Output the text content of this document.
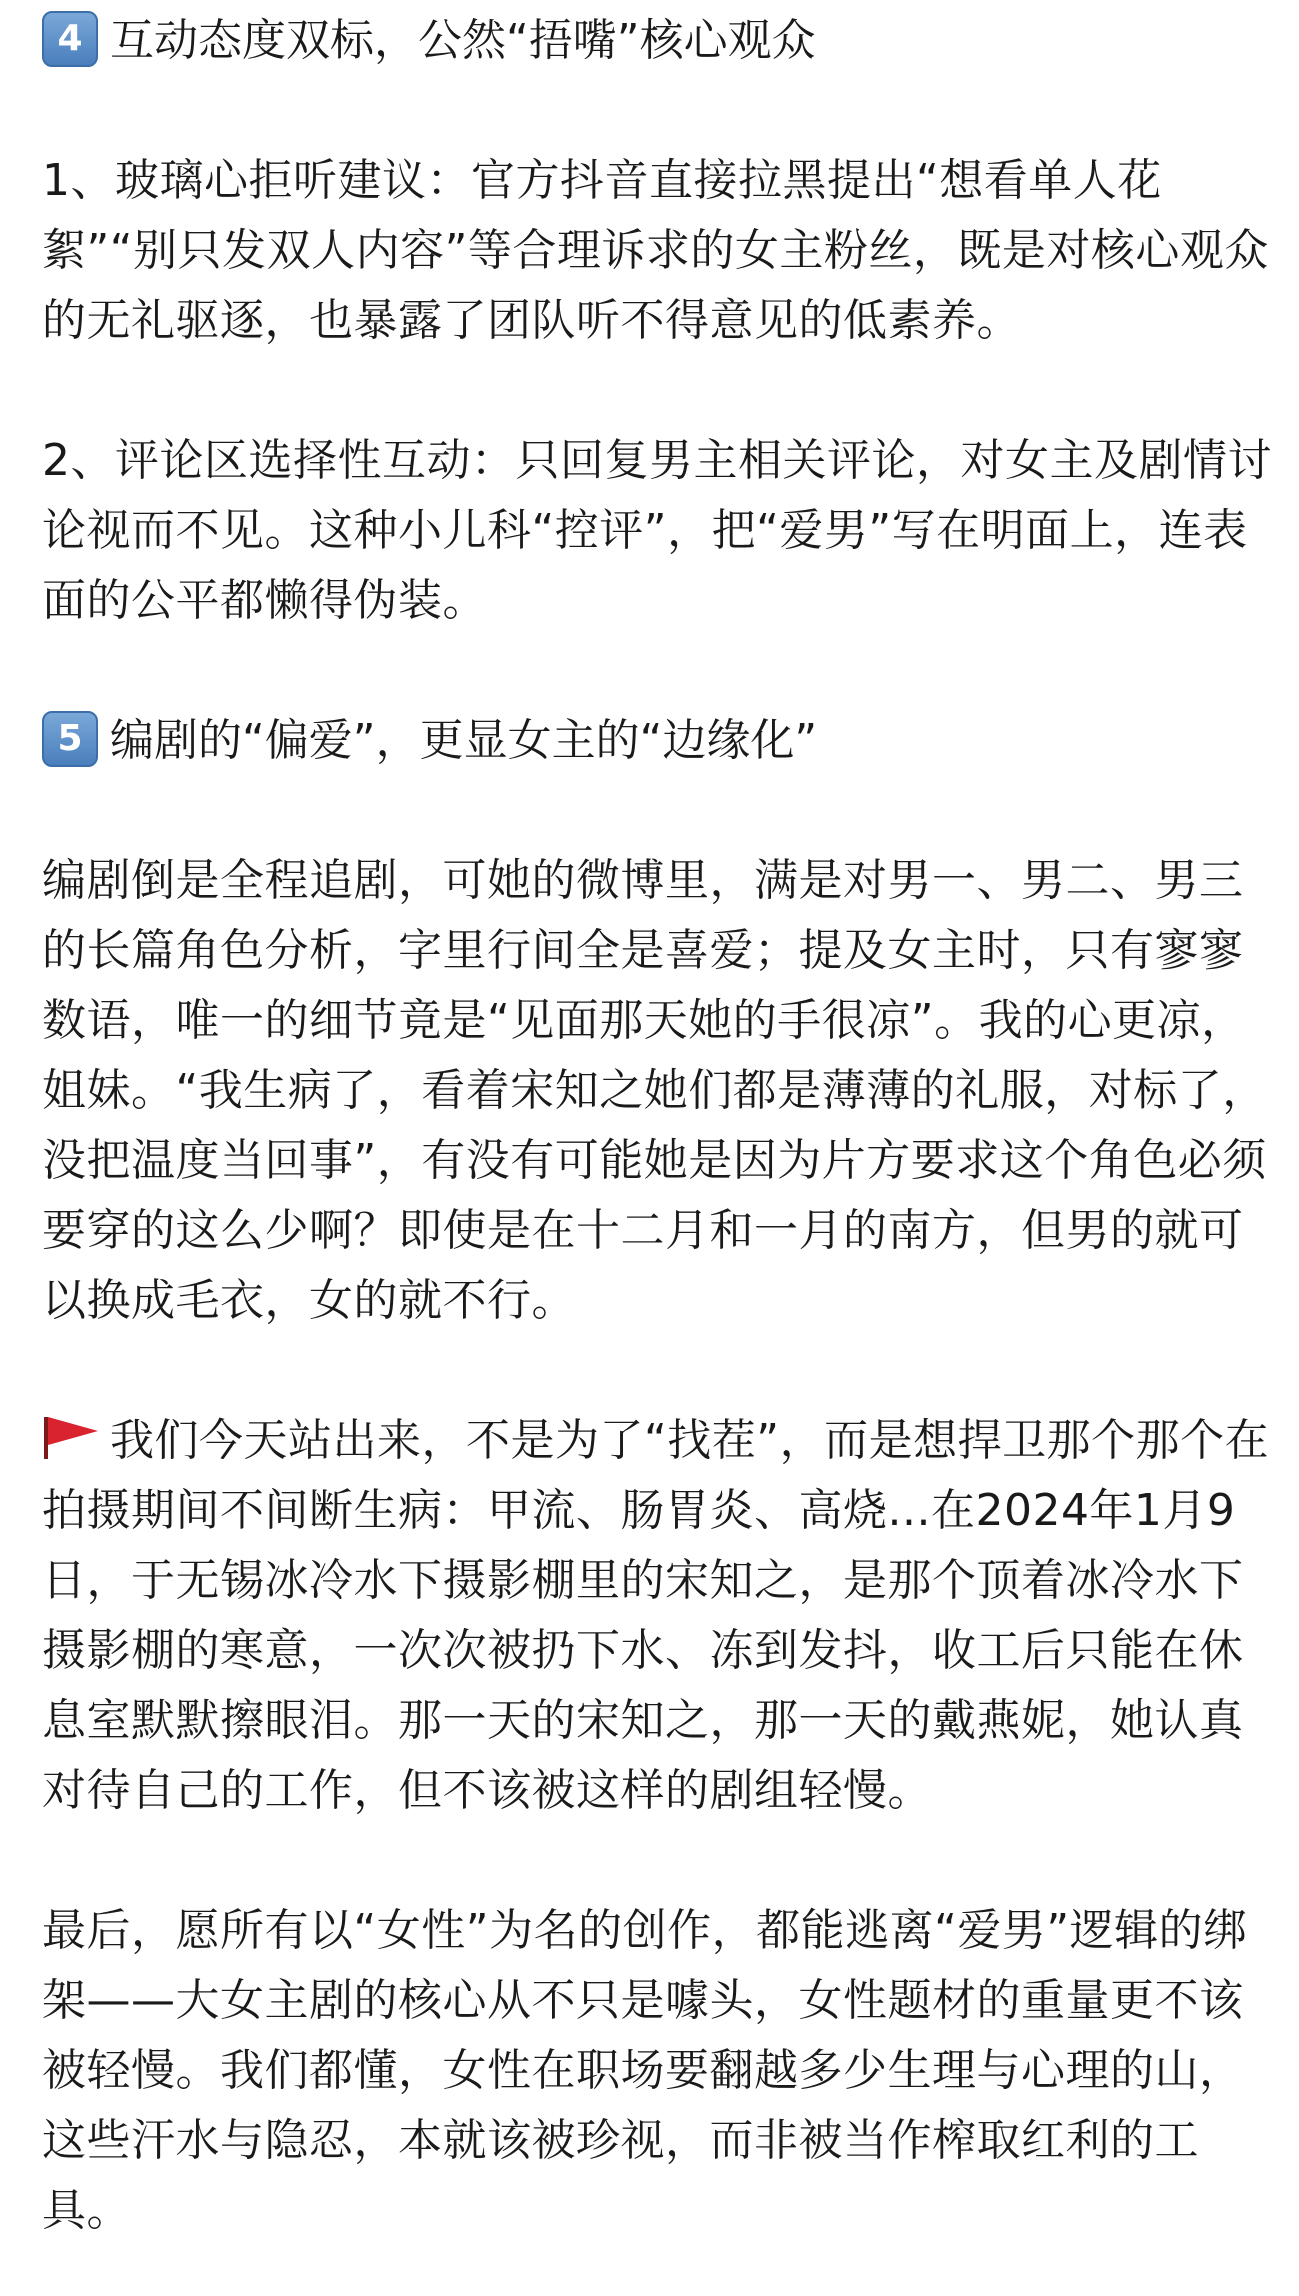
4 互动态度双标，公然“捂嘴”核心观众

1、玻璃心拒听建议：官方抖音直接拉黑提出“想看单人花絮”“别只发双人内容”等合理诉求的女主粉丝，既是对核心观众的无礼驱逐，也暴露了团队听不得意见的低素养。

2、评论区选择性互动：只回复男主相关评论，对女主及剧情讨论视而不见。这种小儿科“控评”，把“爱男”写在明面上，连表面的公平都懒得伪装。

5 编剧的“偏爱”，更显女主的“边缘化”

编剧倒是全程追剧，可她的微博里，满是对男一、男二、男三的长篇角色分析，字里行间全是喜爱；提及女主时，只有寥寥数语，唯一的细节竟是“见面那天她的手很凉”。我的心更凉，姐妹。“我生病了，看着宋知之她们都是薄薄的礼服，对标了，没把温度当回事”，有没有可能她是因为片方要求这个角色必须要穿的这么少啊？即使是在十二月和一月的南方，但男的就可以换成毛衣，女的就不行。

我们今天站出来，不是为了“找茬”，而是想捍卫那个那个在拍摄期间不间断生病：甲流、肠胃炎、高烧...在2024年1月9日，于无锡冰冷水下摄影棚里的宋知之，是那个顶着冰冷水下摄影棚的寒意，一次次被扔下水、冻到发抖，收工后只能在休息室默默擦眼泪。那一天的宋知之，那一天的戴燕妮，她认真对待自己的工作，但不该被这样的剧组轻慢。

最后，愿所有以“女性”为名的创作，都能逃离“爱男”逻辑的绑架——大女主剧的核心从不只是噱头，女性题材的重量更不该被轻慢。我们都懂，女性在职场要翻越多少生理与心理的山，这些汗水与隐忍，本就该被珍视，而非被当作榨取红利的工具。
